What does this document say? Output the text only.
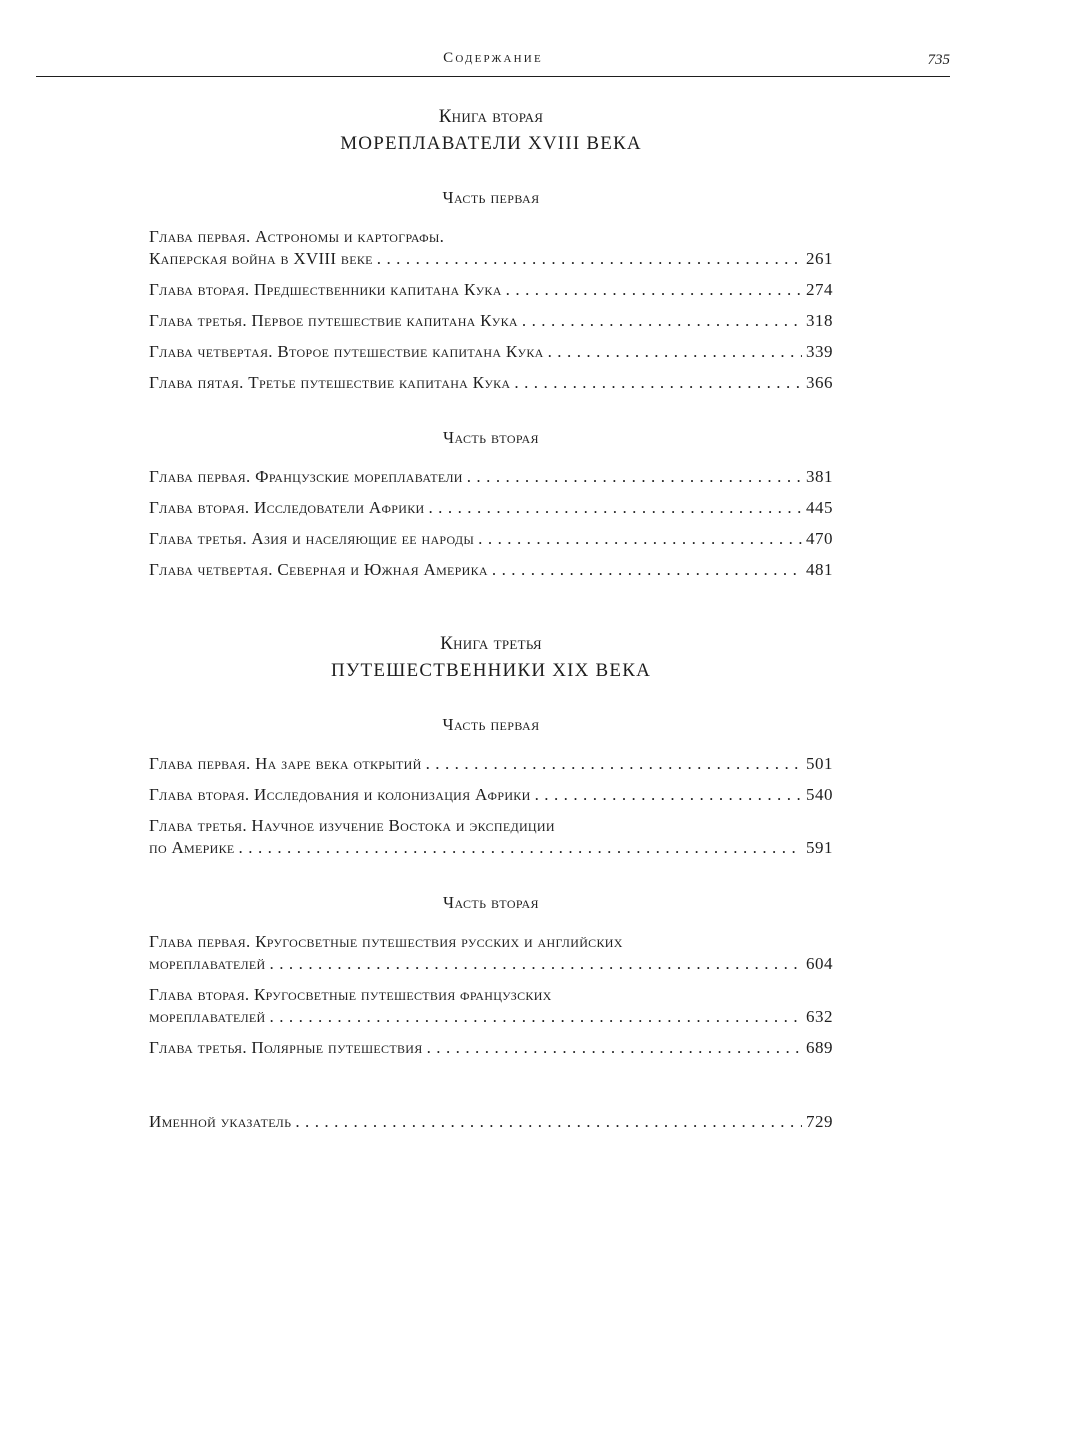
Содержание	735
Книга вторая
МОРЕПЛАВАТЕЛИ XVIII ВЕКА
Часть первая
Глава первая. Астрономы и картографы.
Каперская война в XVIII веке . . .	261
Глава вторая. Предшественники капитана Кука . . .	274
Глава третья. Первое путешествие капитана Кука . . .	318
Глава четвертая. Второе путешествие капитана Кука . . .	339
Глава пятая. Третье путешествие капитана Кука . . .	366
Часть вторая
Глава первая. Французские мореплаватели . . .	381
Глава вторая. Исследователи Африки . . .	445
Глава третья. Азия и населяющие ее народы . . .	470
Глава четвертая. Северная и Южная Америка . . .	481
Книга третья
ПУТЕШЕСТВЕННИКИ XIX ВЕКА
Часть первая
Глава первая. На заре века открытий . . .	501
Глава вторая. Исследования и колонизация Африки . . .	540
Глава третья. Научное изучение Востока и экспедиции
по Америке . . .	591
Часть вторая
Глава первая. Кругосветные путешествия русских и английских
мореплавателей . . .	604
Глава вторая. Кругосветные путешествия французских
мореплавателей . . .	632
Глава третья. Полярные путешествия . . .	689
Именной указатель . . .	729
